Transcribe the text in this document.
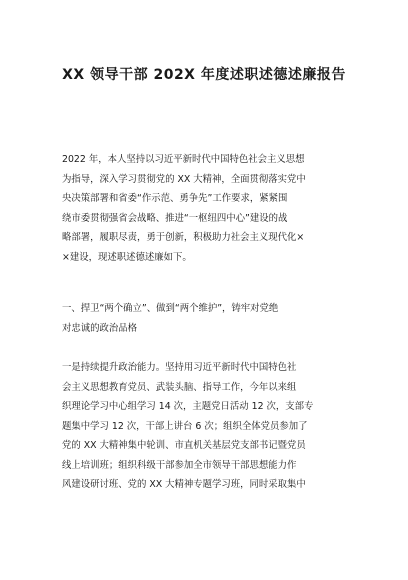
XX 领导干部 202X 年度述职述德述廉报告
2022 年，本人坚持以习近平新时代中国特色社会主义思想
为指导，深入学习贯彻党的 XX 大精神，全面贯彻落实党中
央决策部署和省委“作示范、勇争先”工作要求，紧紧围
绕市委贯彻强省会战略、推进“一枢纽四中心”建设的战
略部署，履职尽责，勇于创新，积极助力社会主义现代化×
×建设，现述职述德述廉如下。
一、捍卫“两个确立”、做到“两个维护”，铸牢对党绝
对忠诚的政治品格
一是持续提升政治能力。坚持用习近平新时代中国特色社
会主义思想教育党员、武装头脑、指导工作，今年以来组
织理论学习中心组学习 14 次，主题党日活动 12 次，支部专
题集中学习 12 次，干部上讲台 6 次；组织全体党员参加了
党的 XX 大精神集中轮训、市直机关基层党支部书记暨党员
线上培训班；组织科级干部参加全市领导干部思想能力作
风建设研讨班、党的 XX 大精神专题学习班，同时采取集中
